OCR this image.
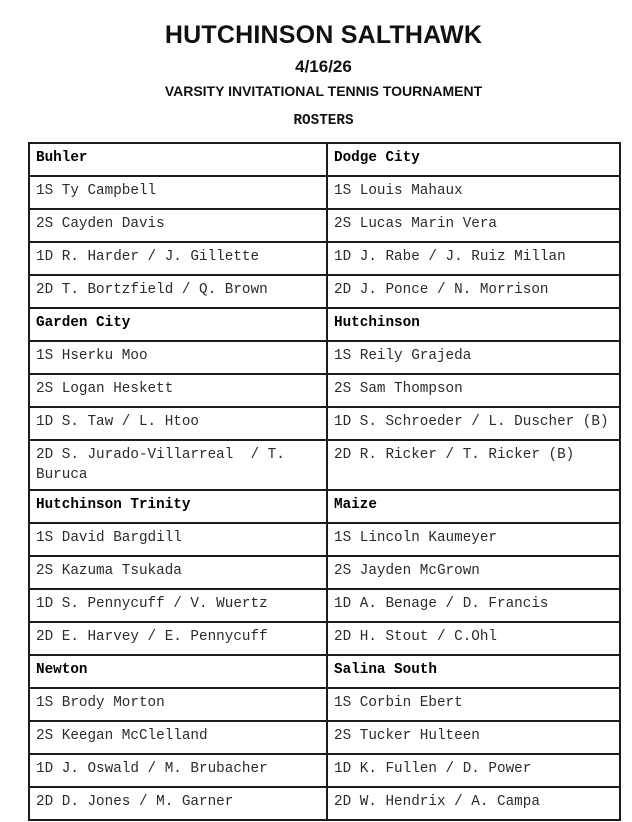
HUTCHINSON SALTHAWK
4/16/26
VARSITY INVITATIONAL TENNIS TOURNAMENT
ROSTERS
Buhler	Dodge City
1S Ty Campbell	1S Louis Mahaux
2S Cayden Davis	2S Lucas Marin Vera
1D R. Harder / J. Gillette	1D J. Rabe / J. Ruiz Millan
2D T. Bortzfield / Q. Brown	2D J. Ponce / N. Morrison
Garden City	Hutchinson
1S Hserku Moo	1S Reily Grajeda
2S Logan Heskett	2S Sam Thompson
1D S. Taw / L. Htoo	1D S. Schroeder / L. Duscher (B)
2D S. Jurado-Villarreal  / T. Buruca	2D R. Ricker / T. Ricker (B)
Hutchinson Trinity	Maize
1S David Bargdill	1S Lincoln Kaumeyer
2S Kazuma Tsukada	2S Jayden McGrown
1D S. Pennycuff / V. Wuertz	1D A. Benage / D. Francis
2D E. Harvey / E. Pennycuff	2D H. Stout / C.Ohl
Newton	Salina South
1S Brody Morton	1S Corbin Ebert
2S Keegan McClelland	2S Tucker Hulteen
1D J. Oswald / M. Brubacher	1D K. Fullen / D. Power
2D D. Jones / M. Garner	2D W. Hendrix / A. Campa
